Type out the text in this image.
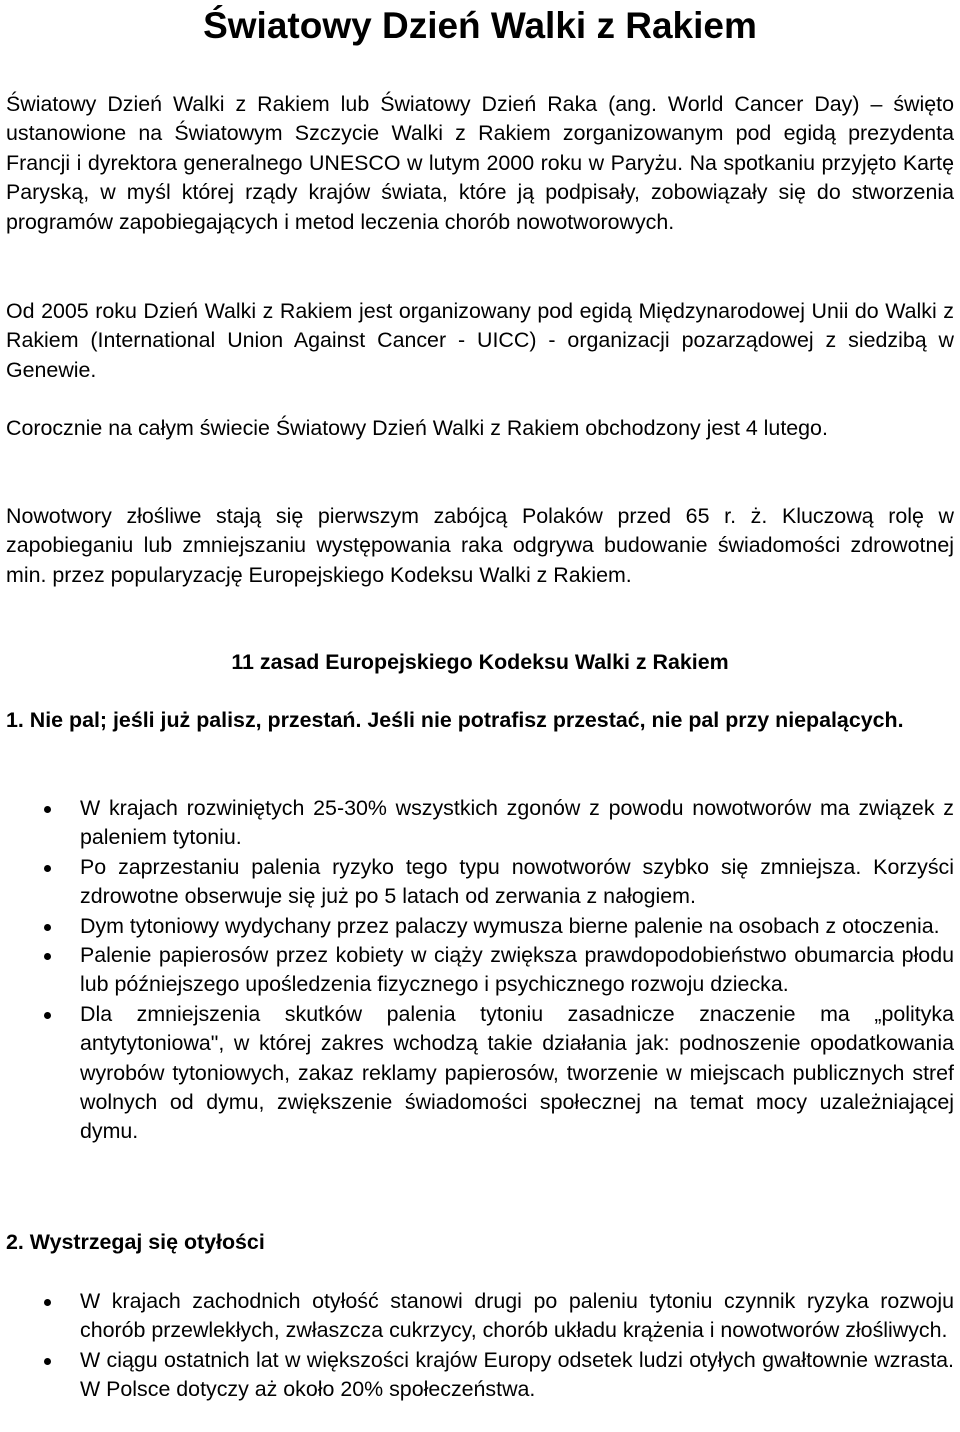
Światowy Dzień Walki z Rakiem

Światowy Dzień Walki z Rakiem lub Światowy Dzień Raka (ang. World Cancer Day) – święto ustanowione na Światowym Szczycie Walki z Rakiem zorganizowanym pod egidą prezydenta Francji i dyrektora generalnego UNESCO w lutym 2000 roku w Paryżu. Na spotkaniu przyjęto Kartę Paryską, w myśl której rządy krajów świata, które ją podpisały, zobowiązały się do stworzenia programów zapobiegających i metod leczenia chorób nowotworowych.

Od 2005 roku Dzień Walki z Rakiem jest organizowany pod egidą Międzynarodowej Unii do Walki z Rakiem (International Union Against Cancer - UICC) - organizacji pozarządowej z siedzibą w Genewie.

Corocznie na całym świecie Światowy Dzień Walki z Rakiem obchodzony jest 4 lutego.

Nowotwory złośliwe stają się pierwszym zabójcą Polaków przed 65 r. ż. Kluczową rolę w zapobieganiu lub zmniejszaniu występowania raka odgrywa budowanie świadomości zdrowotnej min. przez popularyzację Europejskiego Kodeksu Walki z Rakiem.

11 zasad Europejskiego Kodeksu Walki z Rakiem

1. Nie pal; jeśli już palisz, przestań. Jeśli nie potrafisz przestać, nie pal przy niepalących.

W krajach rozwiniętych 25-30% wszystkich zgonów z powodu nowotworów ma związek z paleniem tytoniu.
Po zaprzestaniu palenia ryzyko tego typu nowotworów szybko się zmniejsza. Korzyści zdrowotne obserwuje się już po 5 latach od zerwania z nałogiem.
Dym tytoniowy wydychany przez palaczy wymusza bierne palenie na osobach z otoczenia.
Palenie papierosów przez kobiety w ciąży zwiększa prawdopodobieństwo obumarcia płodu lub późniejszego upośledzenia fizycznego i psychicznego rozwoju dziecka.
Dla zmniejszenia skutków palenia tytoniu zasadnicze znaczenie ma „polityka antytytoniowa", w której zakres wchodzą takie działania jak: podnoszenie opodatkowania wyrobów tytoniowych, zakaz reklamy papierosów, tworzenie w miejscach publicznych stref wolnych od dymu, zwiększenie świadomości społecznej na temat mocy uzależniającej dymu.

2. Wystrzegaj się otyłości

W krajach zachodnich otyłość stanowi drugi po paleniu tytoniu czynnik ryzyka rozwoju chorób przewlekłych, zwłaszcza cukrzycy, chorób układu krążenia i nowotworów złośliwych.
W ciągu ostatnich lat w większości krajów Europy odsetek ludzi otyłych gwałtownie wzrasta. W Polsce dotyczy aż około 20% społeczeństwa.
